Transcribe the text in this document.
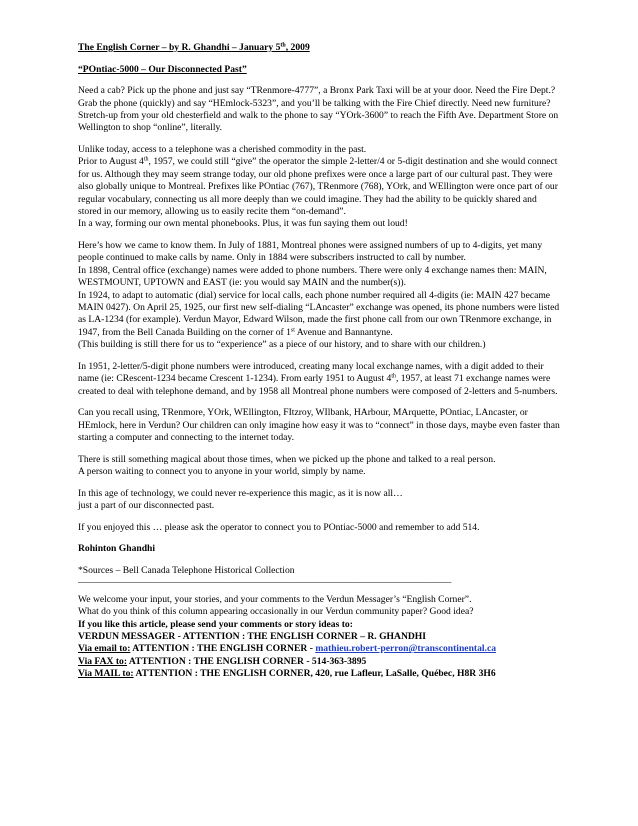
The English Corner – by R. Ghandhi – January 5th, 2009

“POntiac-5000 – Our Disconnected Past”

Need a cab? Pick up the phone and just say “TRenmore-4777”, a Bronx Park Taxi will be at your door. Need the Fire Dept.? Grab the phone (quickly) and say “HEmlock-5323”, and you’ll be talking with the Fire Chief directly. Need new furniture? Stretch-up from your old chesterfield and walk to the phone to say “YOrk-3600” to reach the Fifth Ave. Department Store on Wellington to shop “online”, literally.

Unlike today, access to a telephone was a cherished commodity in the past.
Prior to August 4th, 1957, we could still “give” the operator the simple 2-letter/4 or 5-digit destination and she would connect for us. Although they may seem strange today, our old phone prefixes were once a large part of our cultural past. They were also globally unique to Montreal. Prefixes like POntiac (767), TRenmore (768), YOrk, and WEllington were once part of our regular vocabulary, connecting us all more deeply than we could imagine. They had the ability to be quickly shared and stored in our memory, allowing us to easily recite them “on-demand”.
In a way, forming our own mental phonebooks. Plus, it was fun saying them out loud!

Here’s how we came to know them. In July of 1881, Montreal phones were assigned numbers of up to 4-digits, yet many people continued to make calls by name. Only in 1884 were subscribers instructed to call by number.
In 1898, Central office (exchange) names were added to phone numbers. There were only 4 exchange names then: MAIN, WESTMOUNT, UPTOWN and EAST (ie: you would say MAIN and the number(s)).
In 1924, to adapt to automatic (dial) service for local calls, each phone number required all 4-digits (ie: MAIN 427 became MAIN 0427). On April 25, 1925, our first new self-dialing “LAncaster” exchange was opened, its phone numbers were listed as LA-1234 (for example). Verdun Mayor, Edward Wilson, made the first phone call from our own TRenmore exchange, in 1947, from the Bell Canada Building on the corner of 1st Avenue and Bannantyne.
(This building is still there for us to “experience” as a piece of our history, and to share with our children.)

In 1951, 2-letter/5-digit phone numbers were introduced, creating many local exchange names, with a digit added to their name (ie: CRescent-1234 became Crescent 1-1234). From early 1951 to August 4th, 1957, at least 71 exchange names were created to deal with telephone demand, and by 1958 all Montreal phone numbers were composed of 2-letters and 5-numbers.

Can you recall using, TRenmore, YOrk, WEllington, FItzroy, WIlbank, HArbour, MArquette, POntiac, LAncaster, or HEmlock, here in Verdun? Our children can only imagine how easy it was to “connect” in those days, maybe even faster than starting a computer and connecting to the internet today.

There is still something magical about those times, when we picked up the phone and talked to a real person.
A person waiting to connect you to anyone in your world, simply by name.

In this age of technology, we could never re-experience this magic, as it is now all…
just a part of our disconnected past.

If you enjoyed this … please ask the operator to connect you to POntiac-5000 and remember to add 514.

Rohinton Ghandhi

*Sources – Bell Canada Telephone Historical Collection
—————————————————————————————————————————

We welcome your input, your stories, and your comments to the Verdun Messager’s “English Corner”.
What do you think of this column appearing occasionally in our Verdun community paper? Good idea?
If you like this article, please send your comments or story ideas to:
VERDUN MESSAGER - ATTENTION : THE ENGLISH CORNER – R. GHANDHI
Via email to: ATTENTION : THE ENGLISH CORNER - mathieu.robert-perron@transcontinental.ca
Via FAX to: ATTENTION : THE ENGLISH CORNER - 514-363-3895
Via MAIL to: ATTENTION : THE ENGLISH CORNER, 420, rue Lafleur, LaSalle, Québec, H8R 3H6
